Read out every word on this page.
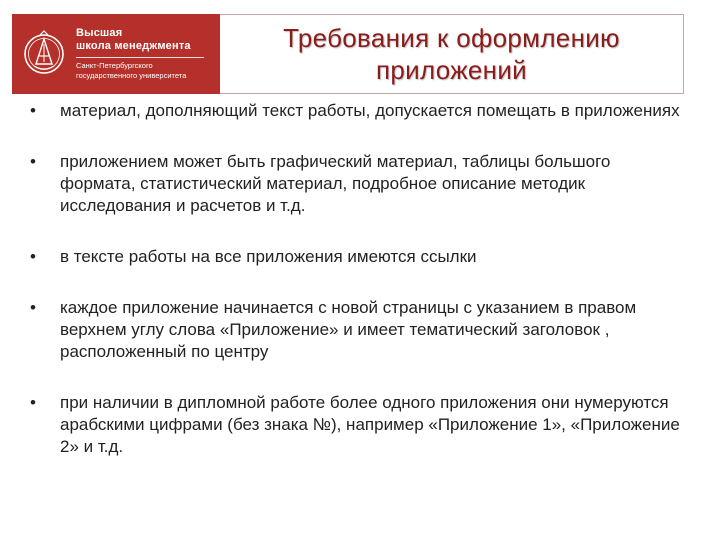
Высшая
школа менеджмента
Санкт-Петербургского
государственного университета
Требования к оформлению
приложений
•	материал, дополняющий текст работы, допускается помещать в приложениях
•	приложением может быть графический материал, таблицы большого формата, статистический материал, подробное описание методик исследования и расчетов и т.д.
•	в тексте работы на все приложения имеются ссылки
•	каждое приложение начинается с новой страницы с указанием в правом верхнем углу слова «Приложение» и имеет тематический заголовок , расположенный по центру
•	при наличии в дипломной работе более одного приложения они нумеруются арабскими цифрами (без знака №), например «Приложение 1», «Приложение 2» и т.д.
